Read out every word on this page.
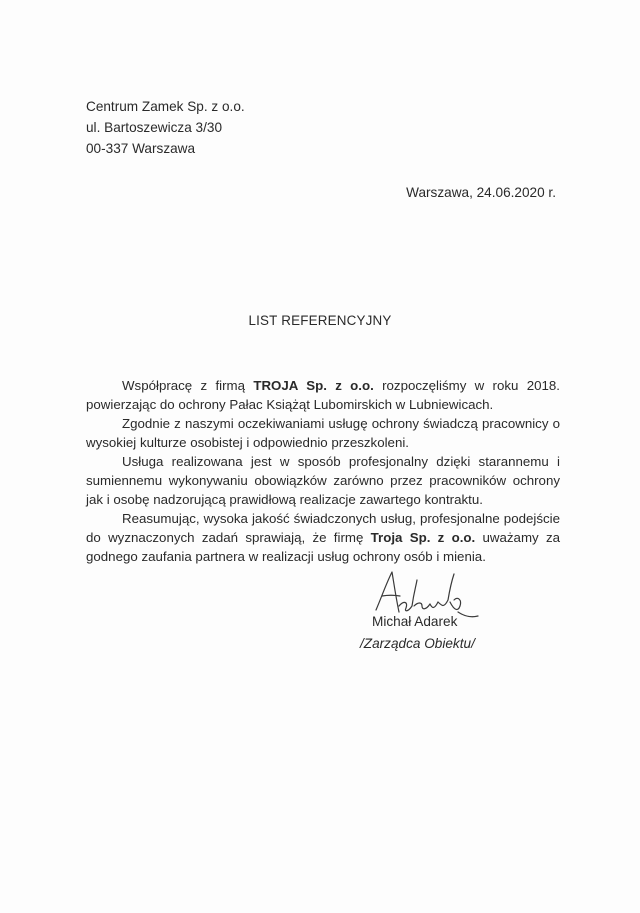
Centrum Zamek Sp. z o.o.
ul. Bartoszewicza 3/30
00-337 Warszawa
Warszawa, 24.06.2020 r.
LIST REFERENCYJNY

Współpracę z firmą TROJA Sp. z o.o. rozpoczęliśmy w roku 2018. powierzając do ochrony Pałac Książąt Lubomirskich w Lubniewicach.

Zgodnie z naszymi oczekiwaniami usługę ochrony świadczą pracownicy o wysokiej kulturze osobistej i odpowiednio przeszkoleni.

Usługa realizowana jest w sposób profesjonalny dzięki starannemu i sumiennemu wykonywaniu obowiązków zarówno przez pracowników ochrony jak i osobę nadzorującą prawidłową realizacje zawartego kontraktu.

Reasumując, wysoka jakość świadczonych usług, profesjonalne podejście do wyznaczonych zadań sprawiają, że firmę Troja Sp. z o.o. uważamy za godnego zaufania partnera w realizacji usług ochrony osób i mienia.

Michał Adarek
/Zarządca Obiektu/
